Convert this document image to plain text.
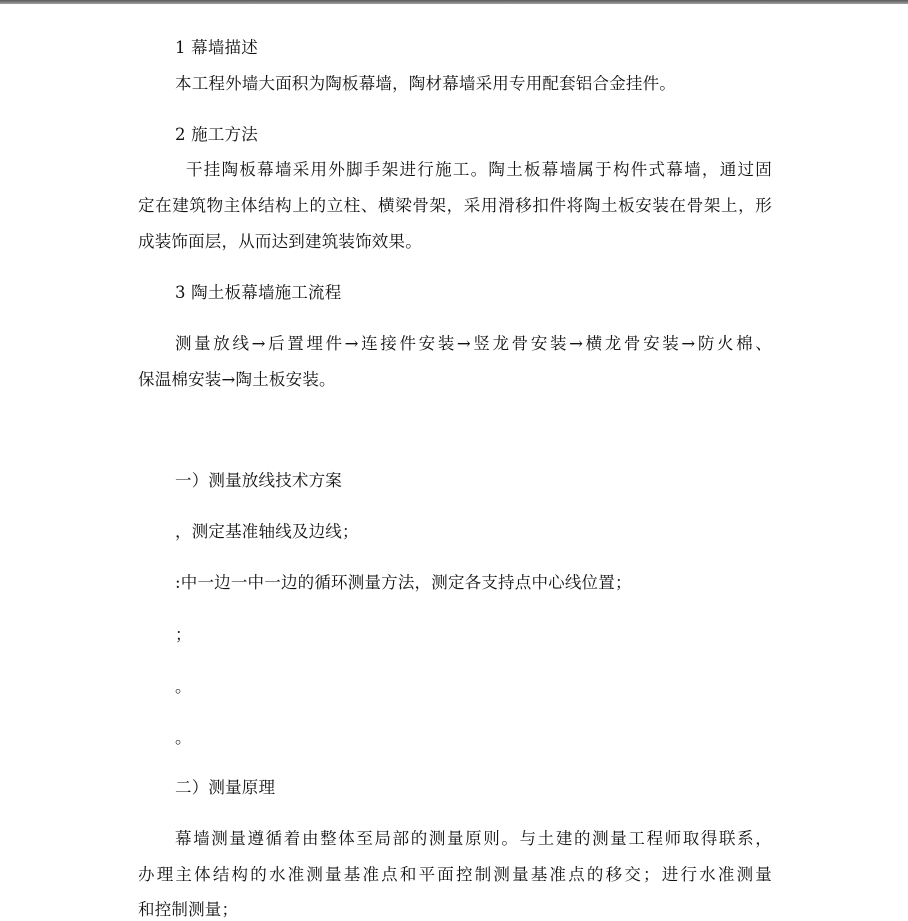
1 幕墙描述
本工程外墙大面积为陶板幕墙，陶材幕墙采用专用配套铝合金挂件。
2 施工方法
干挂陶板幕墙采用外脚手架进行施工。陶土板幕墙属于构件式幕墙，通过固
定在建筑物主体结构上的立柱、横梁骨架，采用滑移扣件将陶土板安装在骨架上，形
成装饰面层，从而达到建筑装饰效果。
3 陶土板幕墙施工流程
测量放线→后置埋件→连接件安装→竖龙骨安装→横龙骨安装→防火棉、
保温棉安装→陶土板安装。
一）测量放线技术方案
，测定基准轴线及边线；
:中一边一中一边的循环测量方法，测定各支持点中心线位置；
；
。
。
二）测量原理
幕墙测量遵循着由整体至局部的测量原则。与土建的测量工程师取得联系，
办理主体结构的水准测量基准点和平面控制测量基准点的移交；进行水准测量
和控制测量；
